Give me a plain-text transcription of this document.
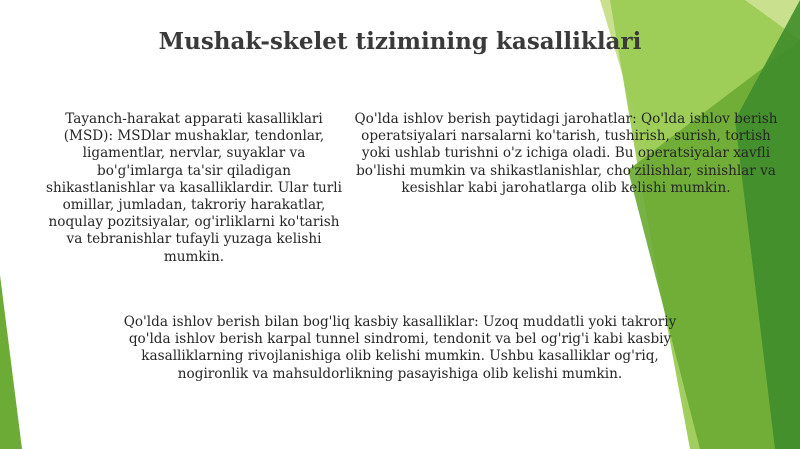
Mushak-skelet tizimining kasalliklari

Tayanch-harakat apparati kasalliklari (MSD): MSDlar mushaklar, tendonlar, ligamentlar, nervlar, suyaklar va bo'g'imlarga ta'sir qiladigan shikastlanishlar va kasalliklardir. Ular turli omillar, jumladan, takroriy harakatlar, noqulay pozitsiyalar, og'irliklarni ko'tarish va tebranishlar tufayli yuzaga kelishi mumkin.

Qo'lda ishlov berish paytidagi jarohatlar: Qo'lda ishlov berish operatsiyalari narsalarni ko'tarish, tushirish, surish, tortish yoki ushlab turishni o'z ichiga oladi. Bu operatsiyalar xavfli bo'lishi mumkin va shikastlanishlar, cho'zilishlar, sinishlar va kesishlar kabi jarohatlarga olib kelishi mumkin.

Qo'lda ishlov berish bilan bog'liq kasbiy kasalliklar: Uzoq muddatli yoki takroriy qo'lda ishlov berish karpal tunnel sindromi, tendonit va bel og'rig'i kabi kasbiy kasalliklarning rivojlanishiga olib kelishi mumkin. Ushbu kasalliklar og'riq, nogironlik va mahsuldorlikning pasayishiga olib kelishi mumkin.
